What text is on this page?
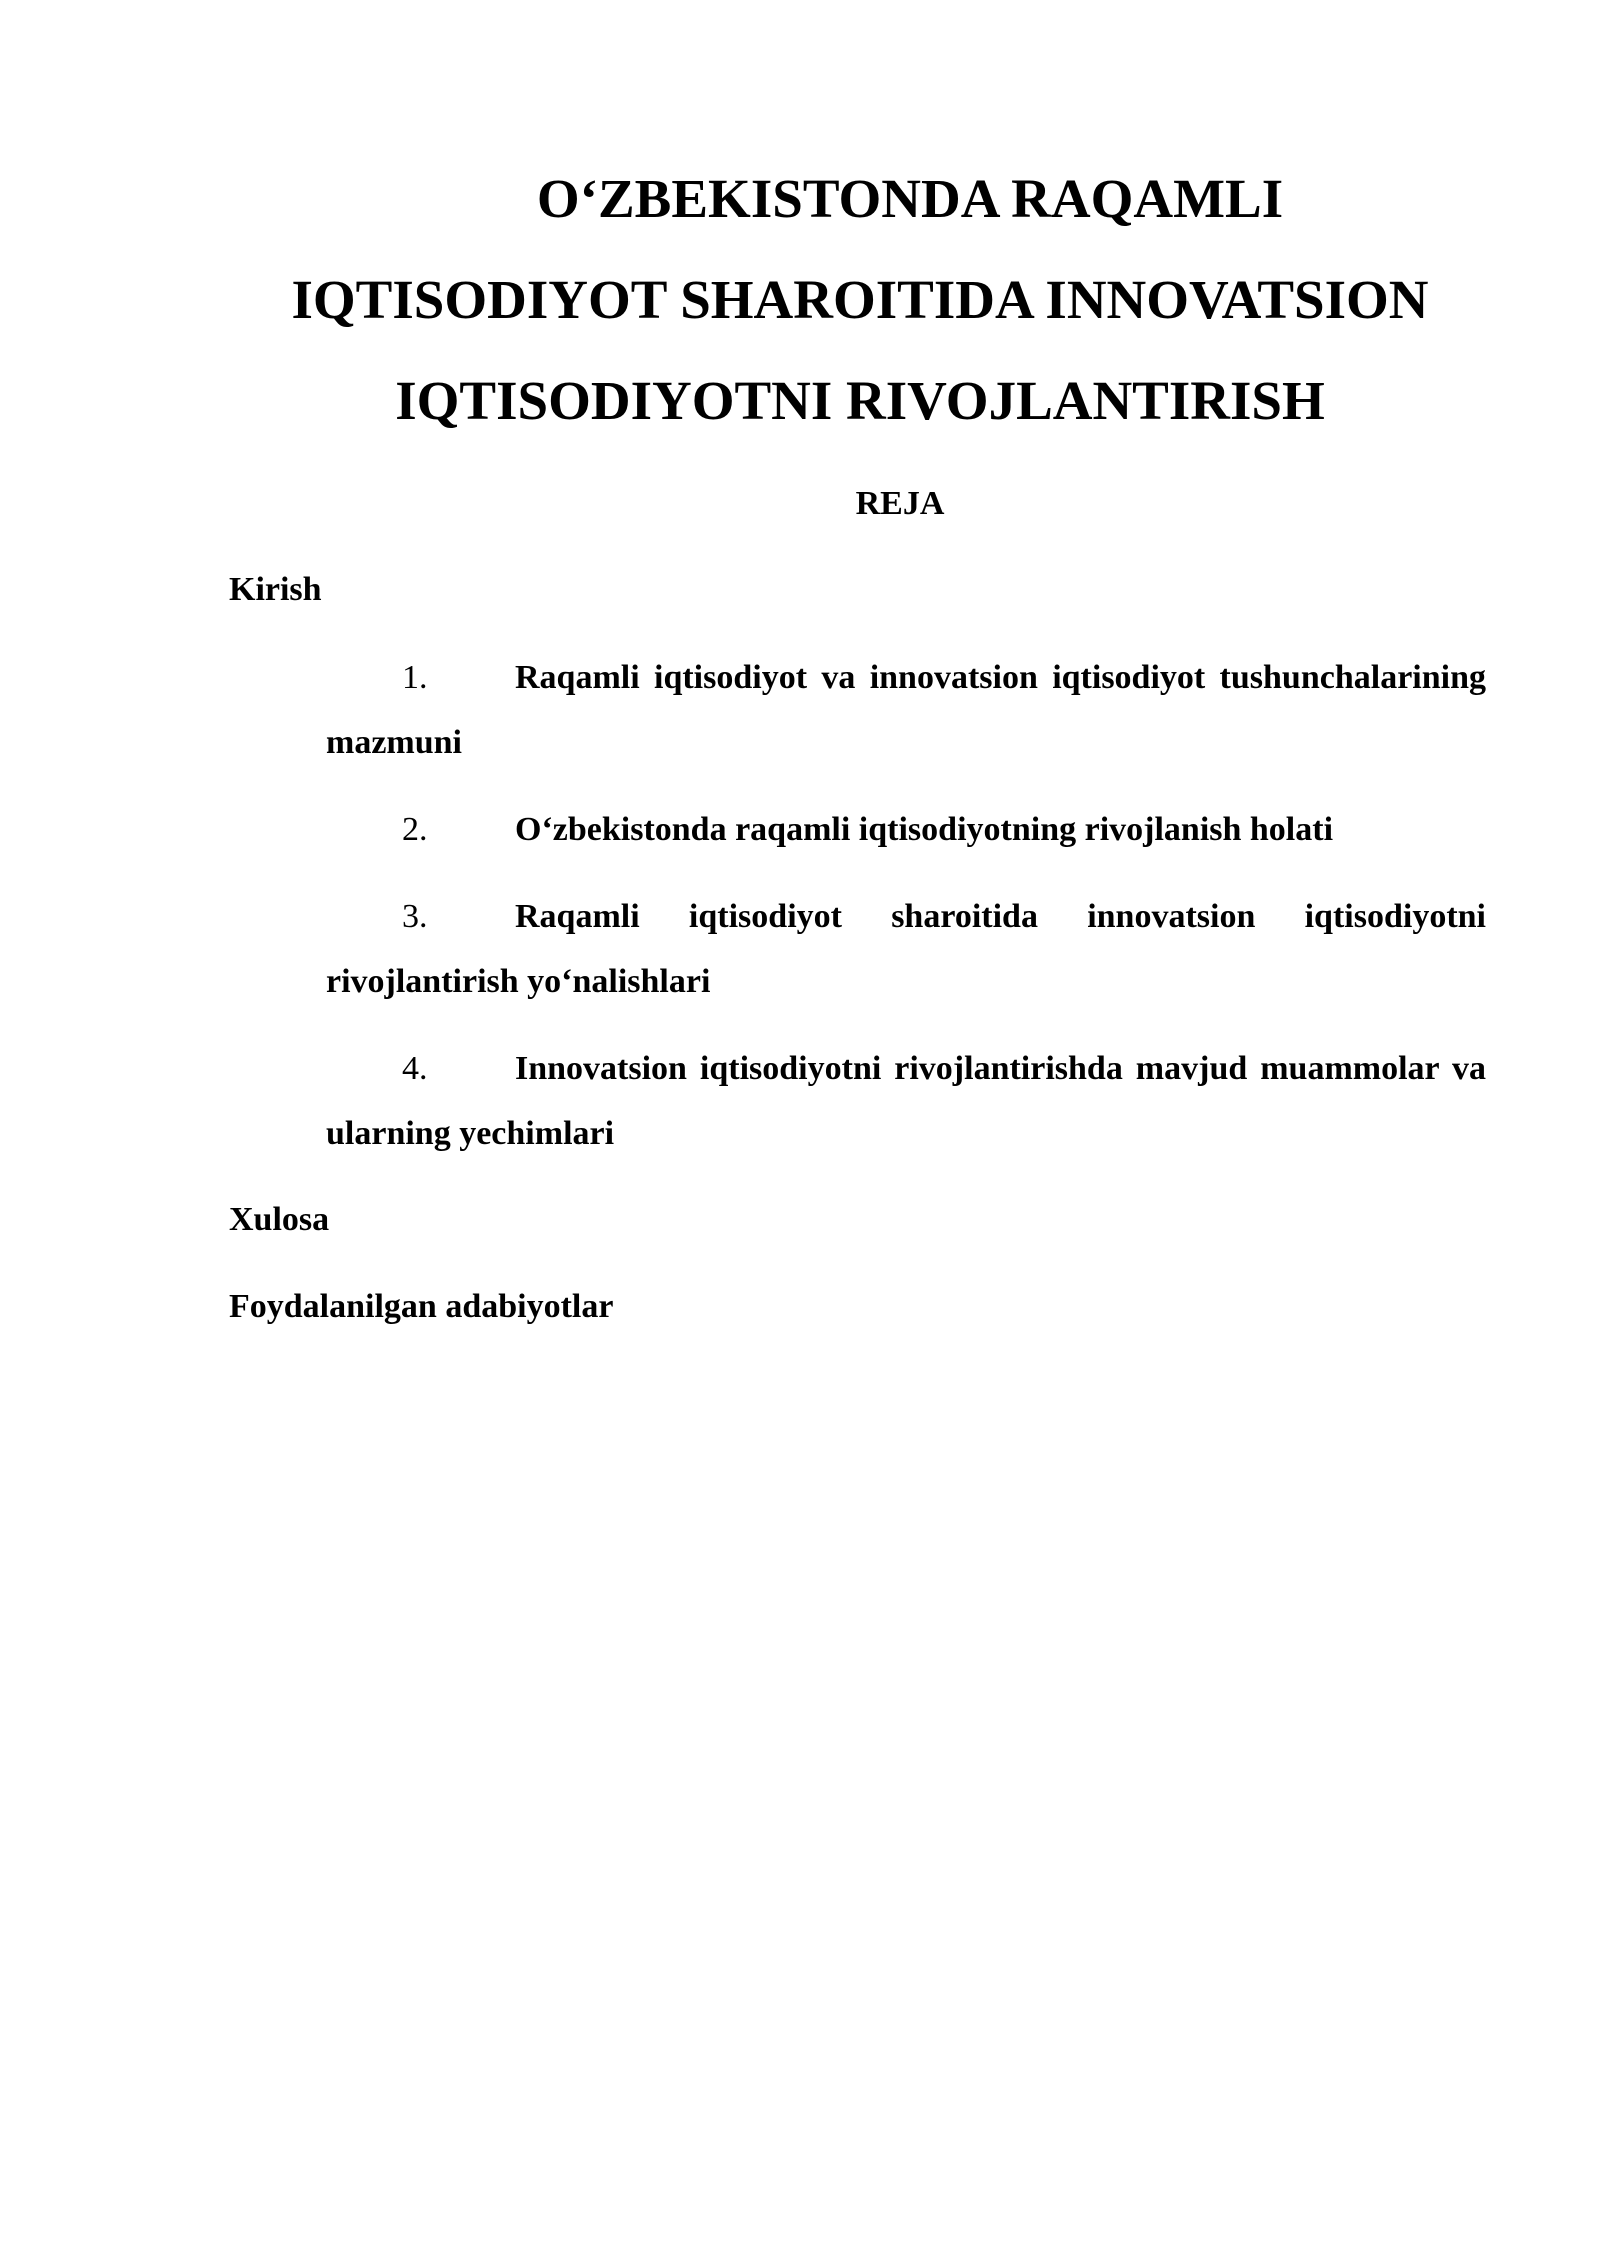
O‘ZBEKISTONDA RAQAMLI
IQTISODIYOT SHAROITIDA INNOVATSION
IQTISODIYOTNI RIVOJLANTIRISH
REJA
Kirish
1.	Raqamli iqtisodiyot va innovatsion iqtisodiyot tushunchalarining mazmuni
2.	O‘zbekistonda raqamli iqtisodiyotning rivojlanish holati
3.	Raqamli iqtisodiyot sharoitida innovatsion iqtisodiyotni rivojlantirish yo‘nalishlari
4.	Innovatsion iqtisodiyotni rivojlantirishda mavjud muammolar va ularning yechimlari
Xulosa
Foydalanilgan adabiyotlar
